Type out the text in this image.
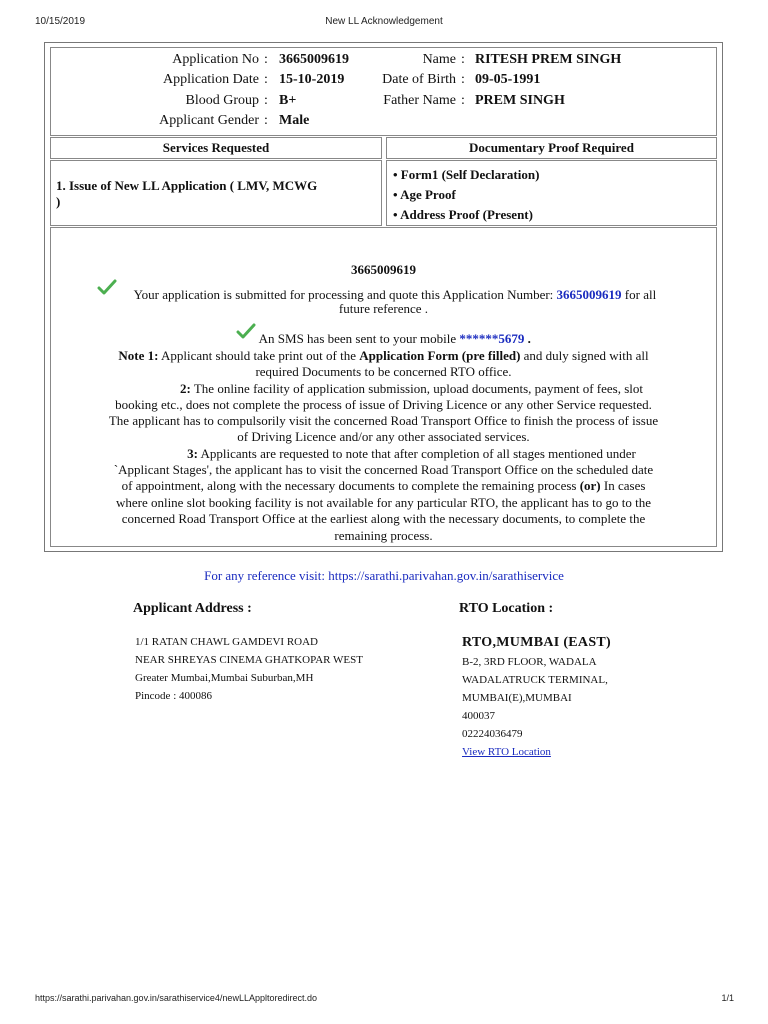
10/15/2019	New LL Acknowledgement
Application No : 3665009619
Application Date : 15-10-2019
Blood Group : B+
Applicant Gender : Male
Name : RITESH PREM SINGH
Date of Birth : 09-05-1991
Father Name : PREM SINGH
Services Requested	Documentary Proof Required
1. Issue of New LL Application ( LMV, MCWG
)
• Form1 (Self Declaration)
• Age Proof
• Address Proof (Present)
3665009619
Your application is submitted for processing and quote this Application Number: 3665009619 for all
future reference .
An SMS has been sent to your mobile ******5679 .
Note 1: Applicant should take print out of the Application Form (pre filled) and duly signed with all
required Documents to be concerned RTO office.
2: The online facility of application submission, upload documents, payment of fees, slot
booking etc., does not complete the process of issue of Driving Licence or any other Service requested.
The applicant has to compulsorily visit the concerned Road Transport Office to finish the process of issue
of Driving Licence and/or any other associated services.
3: Applicants are requested to note that after completion of all stages mentioned under
`Applicant Stages', the applicant has to visit the concerned Road Transport Office on the scheduled date
of appointment, along with the necessary documents to complete the remaining process (or) In cases
where online slot booking facility is not available for any particular RTO, the applicant has to go to the
concerned Road Transport Office at the earliest along with the necessary documents, to complete the
remaining process.
For any reference visit: https://sarathi.parivahan.gov.in/sarathiservice
Applicant Address :
1/1 RATAN CHAWL GAMDEVI ROAD
NEAR SHREYAS CINEMA GHATKOPAR WEST
Greater Mumbai,Mumbai Suburban,MH
Pincode : 400086
RTO Location :
RTO,MUMBAI (EAST)
B-2, 3RD FLOOR, WADALA
WADALATRUCK TERMINAL,
MUMBAI(E),MUMBAI
400037
02224036479
View RTO Location
https://sarathi.parivahan.gov.in/sarathiservice4/newLLAppltoredirect.do	1/1
